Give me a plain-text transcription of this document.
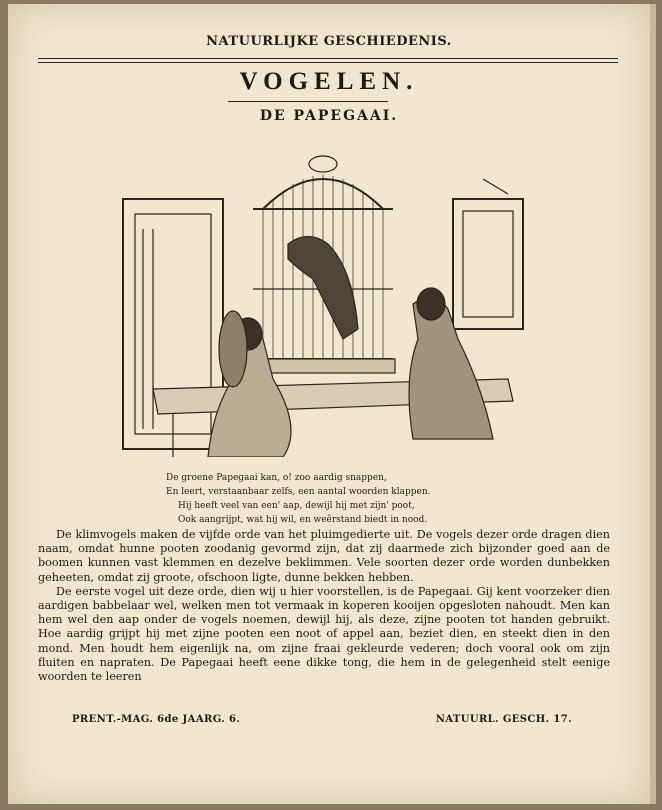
NATUURLIJKE GESCHIEDENIS.
VOGELEN.
DE PAPEGAAI.
De groene Papegaai kan, o! zoo aardig snappen,
En leert, verstaanbaar zelfs, een aantal woorden klappen.
Hij heeft veel van een' aap, dewijl hij met zijn' poot,
Ook aangrijpt, wat hij wil, en weêrstand biedt in nood.

De klimvogels maken de vijfde orde van het pluimgedierte uit. De vogels dezer orde dragen dien naam, omdat hunne pooten zoodanig gevormd zijn, dat zij daarmede zich bijzonder goed aan de boomen kunnen vast klemmen en dezelve beklimmen. Vele soorten dezer orde worden dunbekken geheeten, omdat zij groote, ofschoon ligte, dunne bekken hebben.

De eerste vogel uit deze orde, dien wij u hier voorstellen, is de Papegaai. Gij kent voorzeker dien aardigen babbelaar wel, welken men tot vermaak in koperen kooijen opgesloten nahoudt. Men kan hem wel den aap onder de vogels noemen, dewijl hij, als deze, zijne pooten tot handen gebruikt. Hoe aardig grijpt hij met zijne pooten een noot of appel aan, beziet dien, en steekt dien in den mond. Men houdt hem eigenlijk na, om zijne fraai gekleurde vederen; doch vooral ook om zijn fluiten en napraten. De Papegaai heeft eene dikke tong, die hem in de gelegenheid stelt eenige woorden te leeren

PRENT.-MAG. 6de JAARG. 6.	NATUURL. GESCH. 17.
